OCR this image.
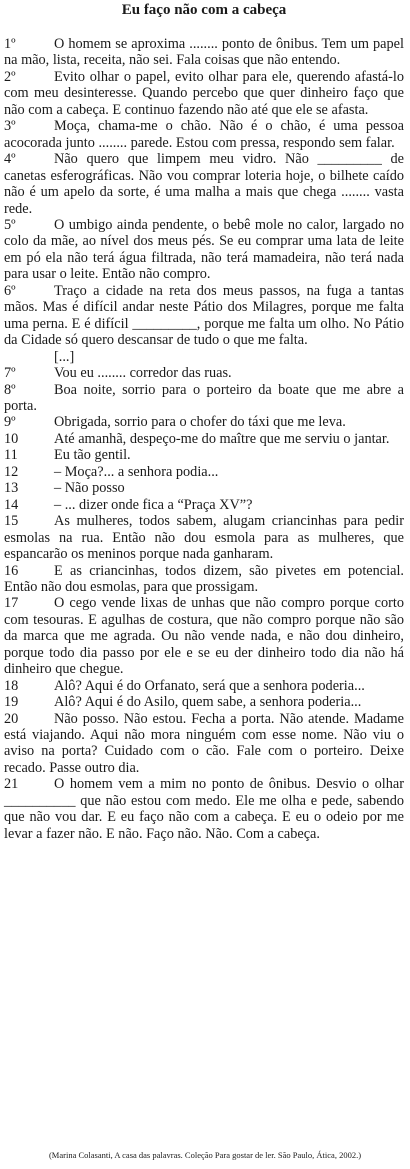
Eu faço não com a cabeça

1º	O homem se aproxima ........ ponto de ônibus. Tem um papel na mão, lista, receita, não sei. Fala coisas que não entendo.

2º	Evito olhar o papel, evito olhar para ele, querendo afastá-lo com meu desinteresse. Quando percebo que quer dinheiro faço que não com a cabeça. E continuo fazendo não até que ele se afasta.

3º	Moça, chama-me o chão. Não é o chão, é uma pessoa acocorada junto ........ parede. Estou com pressa, respondo sem falar.

4º	Não quero que limpem meu vidro. Não _________ de canetas esferográficas. Não vou comprar loteria hoje, o bilhete caído não é um apelo da sorte, é uma malha a mais que chega ........ vasta rede.

5º	O umbigo ainda pendente, o bebê mole no calor, largado no colo da mãe, ao nível dos meus pés. Se eu comprar uma lata de leite em pó ela não terá água filtrada, não terá mamadeira, não terá nada para usar o leite. Então não compro.

6º	Traço a cidade na reta dos meus passos, na fuga a tantas mãos. Mas é difícil andar neste Pátio dos Milagres, porque me falta uma perna. E é difícil _________, porque me falta um olho. No Pátio da Cidade só quero descansar de tudo o que me falta.

[...]

7º	Vou eu ........ corredor das ruas.

8º	Boa noite, sorrio para o porteiro da boate que me abre a porta.

9º	Obrigada, sorrio para o chofer do táxi que me leva.

10 Até amanhã, despeço-me do maître que me serviu o jantar.

11	Eu tão gentil.

12 – Moça?... a senhora podia...

13 – Não posso

14 – ... dizer onde fica a “Praça XV”?

15 As mulheres, todos sabem, alugam criancinhas para pedir esmolas na rua. Então não dou esmola para as mulheres, que espancarão os meninos porque nada ganharam.

16 E as criancinhas, todos dizem, são pivetes em potencial. Então não dou esmolas, para que prossigam.

17 O cego vende lixas de unhas que não compro porque corto com tesouras. E agulhas de costura, que não compro porque não são da marca que me agrada. Ou não vende nada, e não dou dinheiro, porque todo dia passo por ele e se eu der dinheiro todo dia não há dinheiro que chegue.

18 Alô? Aqui é do Orfanato, será que a senhora poderia...

19 Alô? Aqui é do Asilo, quem sabe, a senhora poderia...

20 Não posso. Não estou. Fecha a porta. Não atende. Madame está viajando. Aqui não mora ninguém com esse nome. Não viu o aviso na porta? Cuidado com o cão. Fale com o porteiro. Deixe recado. Passe outro dia.

21 O homem vem a mim no ponto de ônibus. Desvio o olhar __________ que não estou com medo. Ele me olha e pede, sabendo que não vou dar. E eu faço não com a cabeça. E eu o odeio por me levar a fazer não. E não. Faço não. Não. Com a cabeça.

(Marina Colasanti, A casa das palavras. Coleção Para gostar de ler. São Paulo, Ática, 2002.)
